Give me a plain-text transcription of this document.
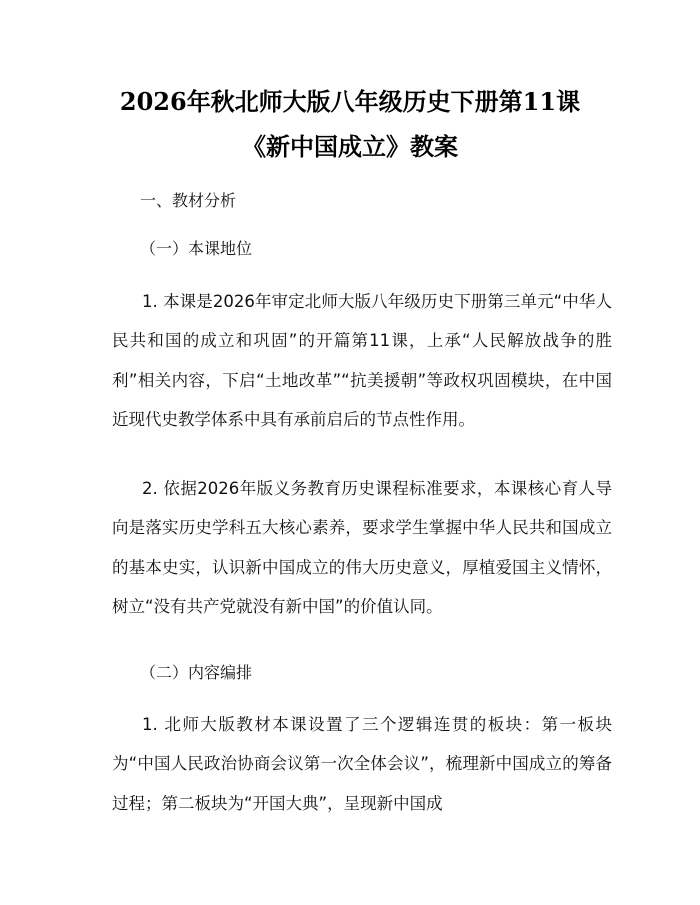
2026年秋北师大版八年级历史下册第11课
《新中国成立》教案
一、教材分析
（一）本课地位

1. 本课是2026年审定北师大版八年级历史下册第三单元“中华人民共和国的成立和巩固”的开篇第11课，上承“人民解放战争的胜利”相关内容，下启“土地改革”“抗美援朝”等政权巩固模块，在中国近现代史教学体系中具有承前启后的节点性作用。

2. 依据2026年版义务教育历史课程标准要求，本课核心育人导向是落实历史学科五大核心素养，要求学生掌握中华人民共和国成立的基本史实，认识新中国成立的伟大历史意义，厚植爱国主义情怀，树立“没有共产党就没有新中国”的价值认同。

（二）内容编排

1. 北师大版教材本课设置了三个逻辑连贯的板块：第一板块为“中国人民政治协商会议第一次全体会议”，梳理新中国成立的筹备过程；第二板块为“开国大典”，呈现新中国成
